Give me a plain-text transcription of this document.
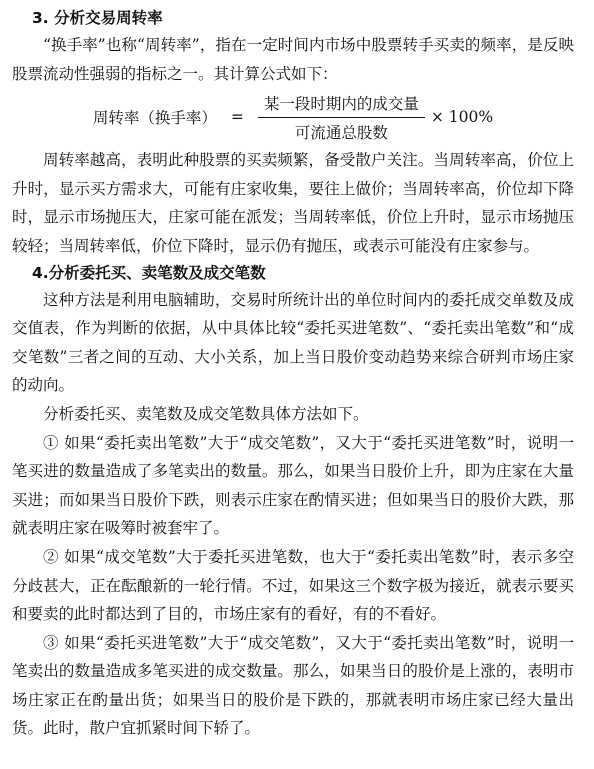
3. 分析交易周转率

“换手率”也称“周转率”，指在一定时间内市场中股票转手买卖的频率，是反映股票流动性强弱的指标之一。其计算公式如下：

周转率（换手率） = $\frac{\text{某一段时期内的成交量}}{\text{可流通总股数}} \times 100\%$

周转率越高，表明此种股票的买卖频繁，备受散户关注。当周转率高，价位上升时，显示买方需求大，可能有庄家收集，要往上做价；当周转率高，价位却下降时，显示市场抛压大，庄家可能在派发；当周转率低，价位上升时，显示市场抛压较轻；当周转率低，价位下降时，显示仍有抛压，或表示可能没有庄家参与。

4.分析委托买、卖笔数及成交笔数

这种方法是利用电脑辅助，交易时所统计出的单位时间内的委托成交单数及成交值表，作为判断的依据，从中具体比较“委托买进笔数”、“委托卖出笔数”和“成交笔数”三者之间的互动、大小关系，加上当日股价变动趋势来综合研判市场庄家的动向。

分析委托买、卖笔数及成交笔数具体方法如下。

① 如果“委托卖出笔数”大于“成交笔数”，又大于“委托买进笔数”时，说明一笔买进的数量造成了多笔卖出的数量。那么，如果当日股价上升，即为庄家在大量买进；而如果当日股价下跌，则表示庄家在酌情买进；但如果当日的股价大跌，那就表明庄家在吸筹时被套牢了。

② 如果“成交笔数”大于委托买进笔数，也大于“委托卖出笔数”时，表示多空分歧甚大，正在酝酿新的一轮行情。不过，如果这三个数字极为接近，就表示要买和要卖的此时都达到了目的，市场庄家有的看好，有的不看好。

③ 如果“委托买进笔数”大于“成交笔数”，又大于“委托卖出笔数”时，说明一笔卖出的数量造成多笔买进的成交数量。那么，如果当日的股价是上涨的，表明市场庄家正在酌量出货；如果当日的股价是下跌的，那就表明市场庄家已经大量出货。此时，散户宜抓紧时间下轿了。
